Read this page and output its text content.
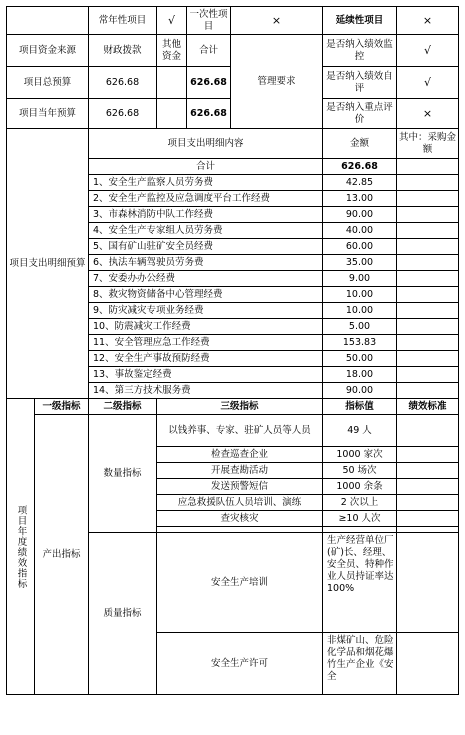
		常年性项目	√	一次性项目	×	延续性项目	×
项目资金来源		财政拨款	其他资金	合计	管理要求	是否纳入绩效监控	√
项目总预算		626.68		626.68		是否纳入绩效自评	√
项目当年预算		626.68		626.68		是否纳入重点评价	×
项目支出明细预算		项目支出明细内容				金额	其中：采购金额
		合计				626.68	
		1、安全生产监察人员劳务费				42.85	
		2、安全生产监控及应急调度平台工作经费				13.00	
		3、市森林消防中队工作经费				90.00	
		4、安全生产专家组人员劳务费				40.00	
		5、国有矿山驻矿安全员经费				60.00	
		6、执法车辆驾驶员劳务费				35.00	
		7、安委办办公经费				9.00	
		8、救灾物资储备中心管理经费				10.00	
		9、防灾减灾专项业务经费				10.00	
		10、防震减灾工作经费				5.00	
		11、安全管理应急工作经费				153.83	
		12、安全生产事故预防经费				50.00	
		13、事故鉴定经费				18.00	
		14、第三方技术服务费				90.00	
项目年度绩效指标	一级指标	二级指标	三级指标			指标值	绩效标准
	产出指标	数量指标	以钱养事、专家、驻矿人员等人员			49 人	
			检查巡查企业			1000 家次	
			开展查勘活动			50 场次	
			发送预警短信			1000 余条	
			应急救援队伍人员培训、演练			2 次以上	
			查灾核灾			≥10 人次	

		质量指标	安全生产培训			生产经营单位厂(矿)长、经理、安全员、特种作业人员持证率达 100%	
			安全生产许可			非煤矿山、危险化学品和烟花爆竹生产企业《安全	
